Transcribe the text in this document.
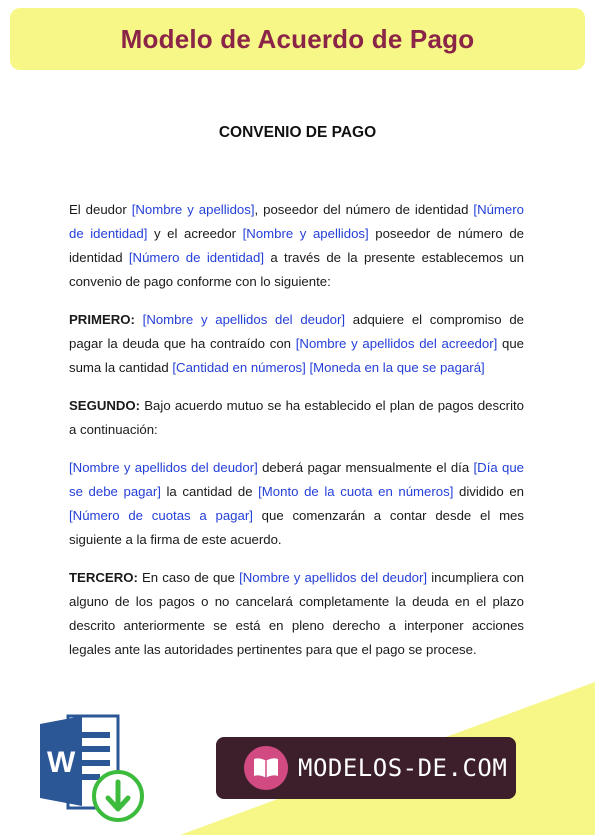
Modelo de Acuerdo de Pago
CONVENIO DE PAGO

El deudor [Nombre y apellidos], poseedor del número de identidad [Número de identidad] y el acreedor [Nombre y apellidos] poseedor de número de identidad [Número de identidad] a través de la presente establecemos un convenio de pago conforme con lo siguiente:

PRIMERO: [Nombre y apellidos del deudor] adquiere el compromiso de pagar la deuda que ha contraído con [Nombre y apellidos del acreedor] que suma la cantidad [Cantidad en números] [Moneda en la que se pagará]

SEGUNDO: Bajo acuerdo mutuo se ha establecido el plan de pagos descrito a continuación:

[Nombre y apellidos del deudor] deberá pagar mensualmente el día [Día que se debe pagar] la cantidad de [Monto de la cuota en números] dividido en [Número de cuotas a pagar] que comenzarán a contar desde el mes siguiente a la firma de este acuerdo.

TERCERO: En caso de que [Nombre y apellidos del deudor] incumpliera con alguno de los pagos o no cancelará completamente la deuda en el plazo descrito anteriormente se está en pleno derecho a interponer acciones legales ante las autoridades pertinentes para que el pago se procese.

W	MODELOS-DE.COM
